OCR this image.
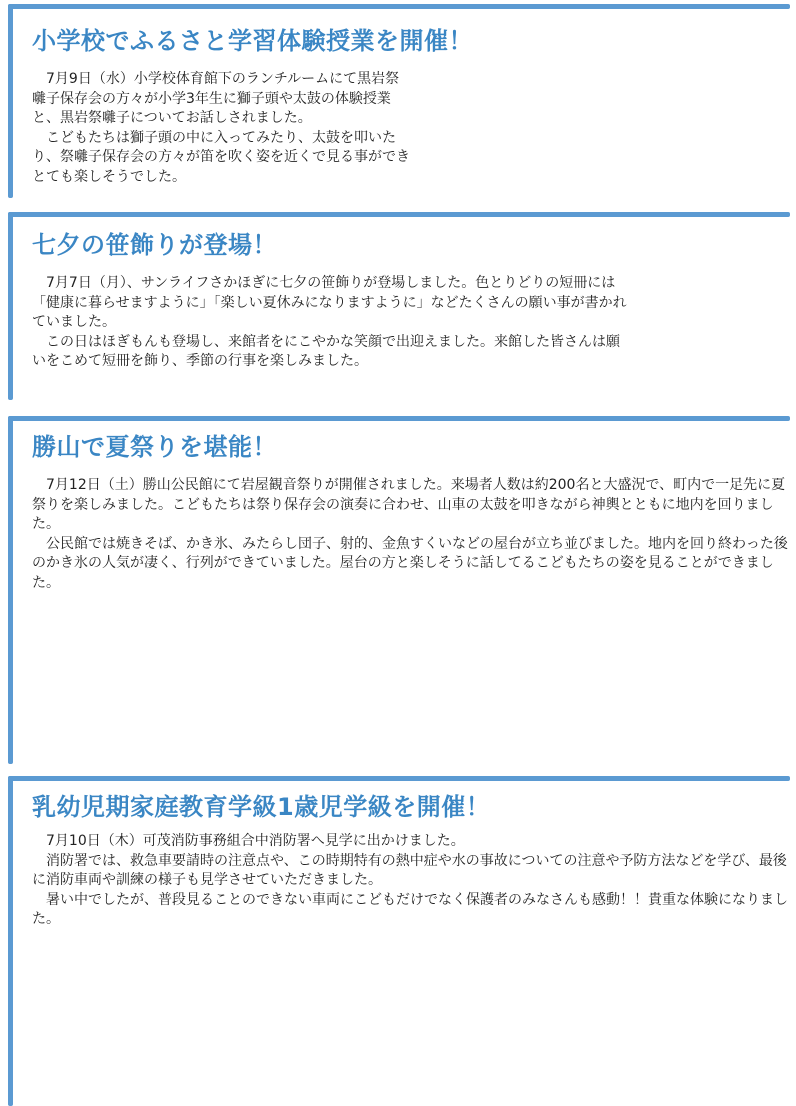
小学校でふるさと学習体験授業を開催！

7月9日（水）小学校体育館下のランチルームにて黒岩祭囃子保存会の方々が小学3年生に獅子頭や太鼓の体験授業と、黒岩祭囃子についてお話しされました。

こどもたちは獅子頭の中に入ってみたり、太鼓を叩いたり、祭囃子保存会の方々が笛を吹く姿を近くで見る事ができとても楽しそうでした。

七夕の笹飾りが登場！

7月7日（月）、サンライフさかほぎに七夕の笹飾りが登場しました。色とりどりの短冊には「健康に暮らせますように」「楽しい夏休みになりますように」などたくさんの願い事が書かれていました。

この日はほぎもんも登場し、来館者をにこやかな笑顔で出迎えました。来館した皆さんは願いをこめて短冊を飾り、季節の行事を楽しみました。

勝山で夏祭りを堪能！

7月12日（土）勝山公民館にて岩屋観音祭りが開催されました。来場者人数は約200名と大盛況で、町内で一足先に夏祭りを楽しみました。こどもたちは祭り保存会の演奏に合わせ、山車の太鼓を叩きながら神輿とともに地内を回りました。

公民館では焼きそば、かき氷、みたらし団子、射的、金魚すくいなどの屋台が立ち並びました。地内を回り終わった後のかき氷の人気が凄く、行列ができていました。屋台の方と楽しそうに話してるこどもたちの姿を見ることができました。

乳幼児期家庭教育学級1歳児学級を開催！

7月10日（木）可茂消防事務組合中消防署へ見学に出かけました。

消防署では、救急車要請時の注意点や、この時期特有の熱中症や水の事故についての注意や予防方法などを学び、最後に消防車両や訓練の様子も見学させていただきました。

暑い中でしたが、普段見ることのできない車両にこどもだけでなく保護者のみなさんも感動！！貴重な体験になりました。
